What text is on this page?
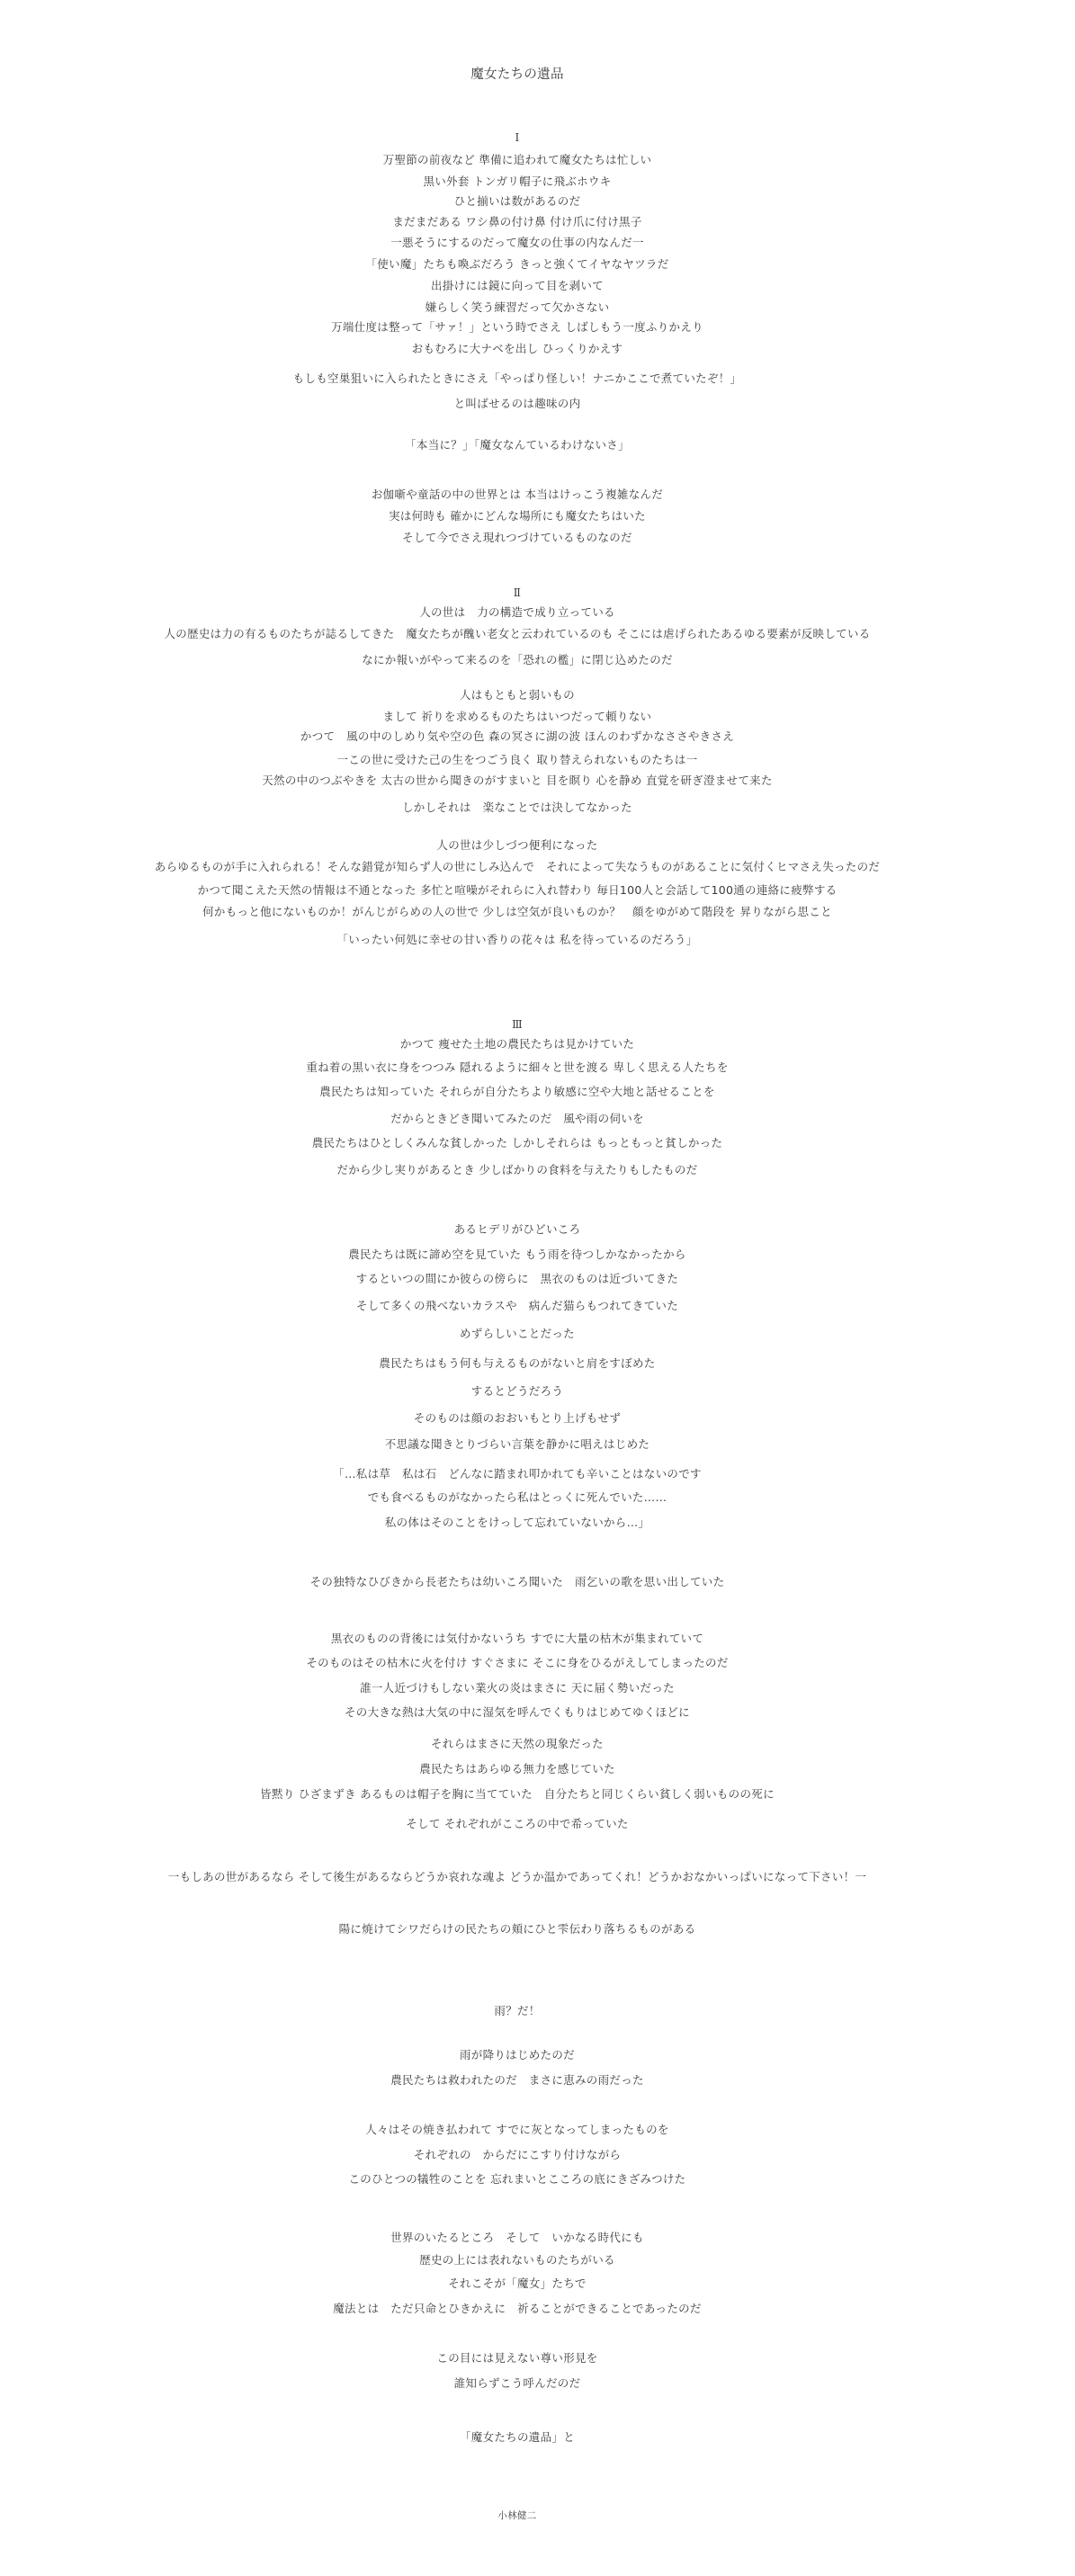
魔女たちの遺品
小林健二
Ⅰ
万聖節の前夜など 準備に追われて魔女たちは忙しい
黒い外套 トンガリ帽子に飛ぶホウキ
ひと揃いは数があるのだ
まだまだある ワシ鼻の付け鼻 付け爪に付け黒子
一悪そうにするのだって魔女の仕事の内なんだ一
「使い魔」たちも喚ぶだろう きっと強くてイヤなヤツラだ
出掛けには鏡に向って目を剥いて
嫌らしく笑う練習だって欠かさない
万端仕度は整って「サァ！」という時でさえ しばしもう一度ふりかえり
おもむろに大ナベを出し ひっくりかえす
もしも空巣狙いに入られたときにさえ「やっぱり怪しい！ナニかここで煮ていたぞ！」
と叫ばせるのは趣味の内
「本当に？」「魔女なんているわけないさ」
お伽噺や童話の中の世界とは 本当はけっこう複雑なんだ
実は何時も 確かにどんな場所にも魔女たちはいた
そして今でさえ現れつづけているものなのだ
Ⅱ
人の世は　力の構造で成り立っている
人の歴史は力の有るものたちが誌るしてきた　魔女たちが醜い老女と云われているのも そこには虐げられたあるゆる要素が反映している
なにか報いがやって来るのを「恐れの檻」に閉じ込めたのだ
人はもともと弱いもの
まして 祈りを求めるものたちはいつだって頼りない
かつて　風の中のしめり気や空の色 森の冥さに湖の波 ほんのわずかなささやきさえ
一この世に受けた己の生をつごう良く 取り替えられないものたちは一
天然の中のつぶやきを 太古の世から聞きのがすまいと 目を瞑り 心を静め 直覚を研ぎ澄ませて来た
しかしそれは　楽なことでは決してなかった
人の世は少しづつ便利になった
あらゆるものが手に入れられる！そんな錯覚が知らず人の世にしみ込んで　それによって失なうものがあることに気付くヒマさえ失ったのだ
かつて聞こえた天然の情報は不通となった 多忙と喧噪がそれらに入れ替わり 毎日100人と会話して100通の連絡に疲弊する
何かもっと他にないものか！がんじがらめの人の世で 少しは空気が良いものか？　顔をゆがめて階段を 昇りながら思こと
「いったい何処に幸せの甘い香りの花々は 私を待っているのだろう」
Ⅲ
かつて 痩せた土地の農民たちは見かけていた
重ね着の黒い衣に身をつつみ 隠れるように細々と世を渡る 卑しく思える人たちを
農民たちは知っていた それらが自分たちより敏感に空や大地と話せることを
だからときどき聞いてみたのだ　風や雨の伺いを
農民たちはひとしくみんな貧しかった しかしそれらは もっともっと貧しかった
だから少し実りがあるとき 少しばかりの食料を与えたりもしたものだ
あるヒデリがひどいころ
農民たちは既に諦め空を見ていた もう雨を待つしかなかったから
するといつの間にか彼らの傍らに　黒衣のものは近づいてきた
そして多くの飛べないカラスや　病んだ猫らもつれてきていた
めずらしいことだった
農民たちはもう何も与えるものがないと肩をすぼめた
するとどうだろう
そのものは顔のおおいもとり上げもせず
不思議な聞きとりづらい言葉を静かに唱えはじめた
「…私は草　私は石　どんなに踏まれ叩かれても辛いことはないのです
でも食べるものがなかったら私はとっくに死んでいた……
私の体はそのことをけっして忘れていないから…」
その独特なひびきから長老たちは幼いころ聞いた　雨乞いの歌を思い出していた
黒衣のものの背後には気付かないうち すでに大量の枯木が集まれていて
そのものはその枯木に火を付け すぐさまに そこに身をひるがえしてしまったのだ
誰一人近づけもしない業火の炎はまさに 天に届く勢いだった
その大きな熱は大気の中に湿気を呼んでくもりはじめてゆくほどに
それらはまさに天然の現象だった
農民たちはあらゆる無力を感じていた
皆黙り ひざまずき あるものは帽子を胸に当てていた　自分たちと同じくらい貧しく弱いものの死に
そして それぞれがこころの中で希っていた
一もしあの世があるなら そして後生があるならどうか哀れな魂よ どうか温かであってくれ！どうかおなかいっぱいになって下さい！一
陽に焼けてシワだらけの民たちの頬にひと雫伝わり落ちるものがある
雨？だ！
雨が降りはじめたのだ
農民たちは救われたのだ　まさに恵みの雨だった
人々はその焼き払われて すでに灰となってしまったものを
それぞれの　からだにこすり付けながら
このひとつの犠牲のことを 忘れまいとこころの底にきざみつけた
世界のいたるところ　そして　いかなる時代にも
歴史の上には表れないものたちがいる
それこそが「魔女」たちで
魔法とは　ただ只命とひきかえに　祈ることができることであったのだ
この目には見えない尊い形見を
誰知らずこう呼んだのだ
「魔女たちの遺品」と
